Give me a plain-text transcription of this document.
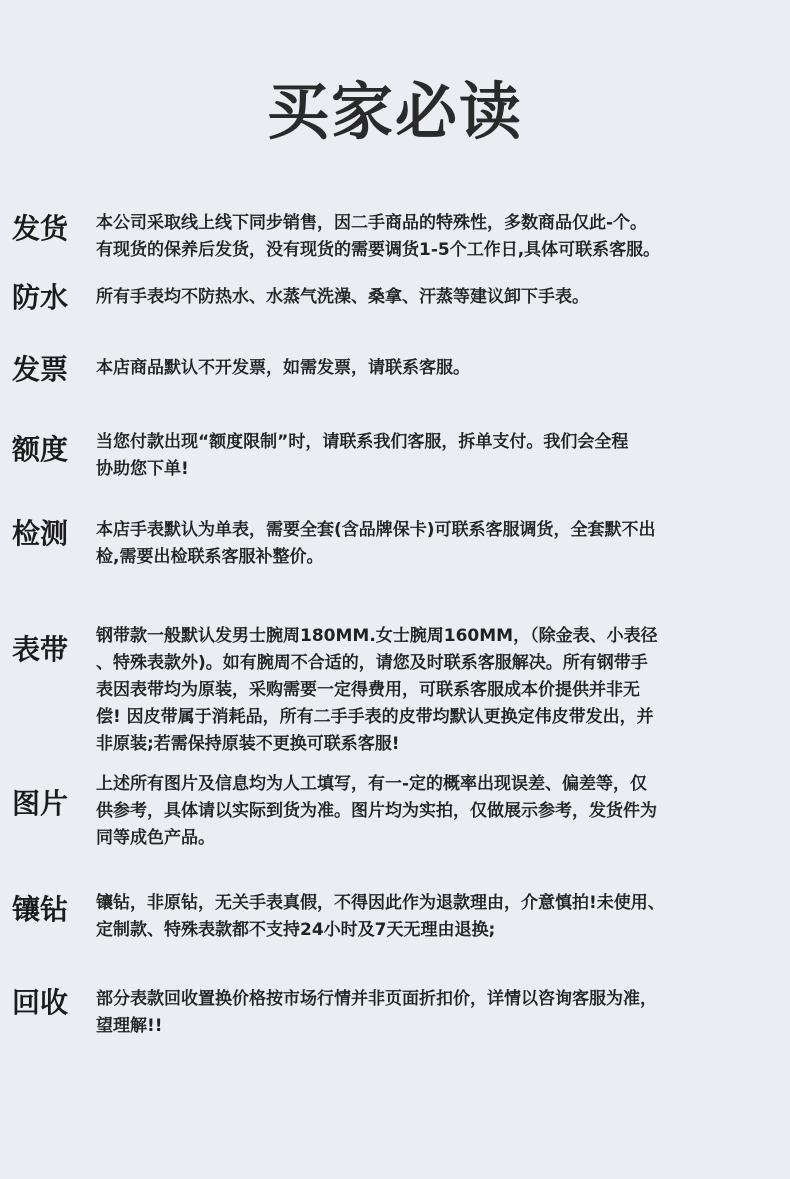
买家必读
发货 本公司采取线上线下同步销售，因二手商品的特殊性，多数商品仅此-个。
有现货的保养后发货，没有现货的需要调货1-5个工作日,具体可联系客服。
防水 所有手表均不防热水、水蒸气洗澡、桑拿、汗蒸等建议卸下手表。
发票 本店商品默认不开发票，如需发票，请联系客服。
额度 当您付款出现“额度限制”时，请联系我们客服，拆单支付。我们会全程
协助您下单!
检测 本店手表默认为单表，需要全套(含品牌保卡)可联系客服调货，全套默不出
检,需要出检联系客服补整价。
表带 钢带款一般默认发男士腕周180MM.女士腕周160MM，（除金表、小表径
、特殊表款外)。如有腕周不合适的，请您及时联系客服解决。所有钢带手
表因表带均为原装，采购需要一定得费用，可联系客服成本价提供并非无
偿! 因皮带属于消耗品，所有二手手表的皮带均默认更换定伟皮带发出，并
非原装;若需保持原装不更换可联系客服!
图片
上述所有图片及信息均为人工填写，有一-定的概率出现误差、偏差等，仅
供参考，具体请以实际到货为准。图片均为实拍，仅做展示参考，发货件为
同等成色产品。
镶钻 镶钻，非原钻，无关手表真假，不得因此作为退款理由，介意慎拍!未使用、
定制款、特殊表款都不支持24小时及7天无理由退换;
回收 部分表款回收置换价格按市场行情并非页面折扣价，详情以咨询客服为准，
望理解!!
